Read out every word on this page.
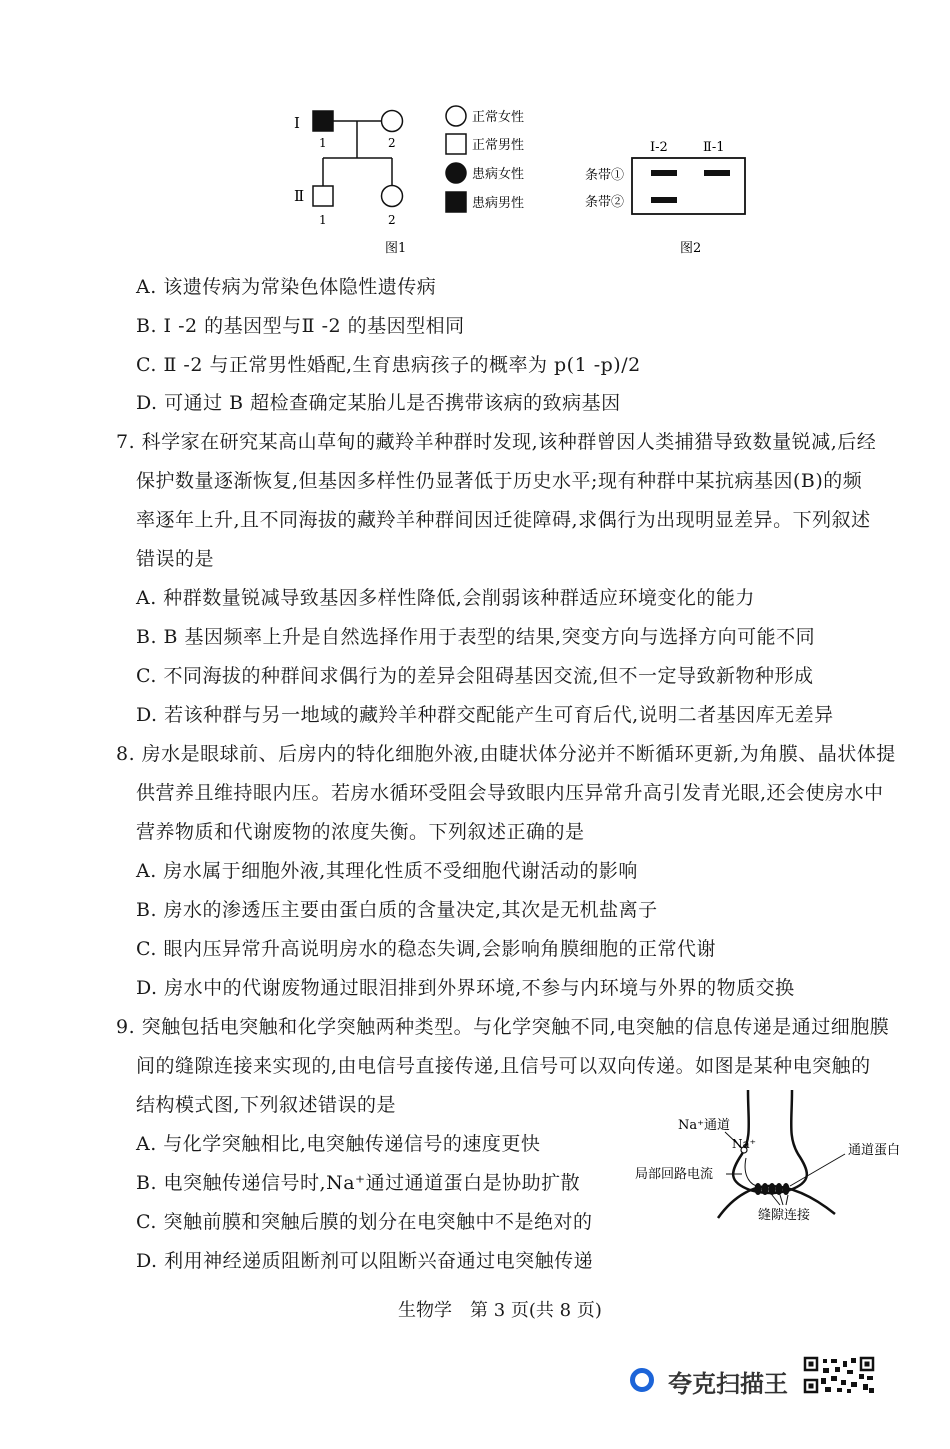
Ⅰ
Ⅱ
1	2
1	2
图1
正常女性
正常男性
患病女性
患病男性
Ⅰ-2	Ⅱ-1
条带①
条带②
图2
A. 该遗传病为常染色体隐性遗传病
B. Ⅰ -2 的基因型与Ⅱ -2 的基因型相同
C. Ⅱ -2 与正常男性婚配,生育患病孩子的概率为 p(1 -p)/2
D. 可通过 B 超检查确定某胎儿是否携带该病的致病基因
7. 科学家在研究某高山草甸的藏羚羊种群时发现,该种群曾因人类捕猎导致数量锐减,后经
保护数量逐渐恢复,但基因多样性仍显著低于历史水平;现有种群中某抗病基因(B)的频
率逐年上升,且不同海拔的藏羚羊种群间因迁徙障碍,求偶行为出现明显差异。下列叙述
错误的是
A. 种群数量锐减导致基因多样性降低,会削弱该种群适应环境变化的能力
B. B 基因频率上升是自然选择作用于表型的结果,突变方向与选择方向可能不同
C. 不同海拔的种群间求偶行为的差异会阻碍基因交流,但不一定导致新物种形成
D. 若该种群与另一地域的藏羚羊种群交配能产生可育后代,说明二者基因库无差异
8. 房水是眼球前、后房内的特化细胞外液,由睫状体分泌并不断循环更新,为角膜、晶状体提
供营养且维持眼内压。若房水循环受阻会导致眼内压异常升高引发青光眼,还会使房水中
营养物质和代谢废物的浓度失衡。下列叙述正确的是
A. 房水属于细胞外液,其理化性质不受细胞代谢活动的影响
B. 房水的渗透压主要由蛋白质的含量决定,其次是无机盐离子
C. 眼内压异常升高说明房水的稳态失调,会影响角膜细胞的正常代谢
D. 房水中的代谢废物通过眼泪排到外界环境,不参与内环境与外界的物质交换
9. 突触包括电突触和化学突触两种类型。与化学突触不同,电突触的信息传递是通过细胞膜
间的缝隙连接来实现的,由电信号直接传递,且信号可以双向传递。如图是某种电突触的
结构模式图,下列叙述错误的是
A. 与化学突触相比,电突触传递信号的速度更快
B. 电突触传递信号时,Na⁺通过通道蛋白是协助扩散
C. 突触前膜和突触后膜的划分在电突触中不是绝对的
D. 利用神经递质阻断剂可以阻断兴奋通过电突触传递
Na⁺通道
Na⁺
局部回路电流
通道蛋白
缝隙连接
生物学　第 3 页(共 8 页)
夸克扫描王
